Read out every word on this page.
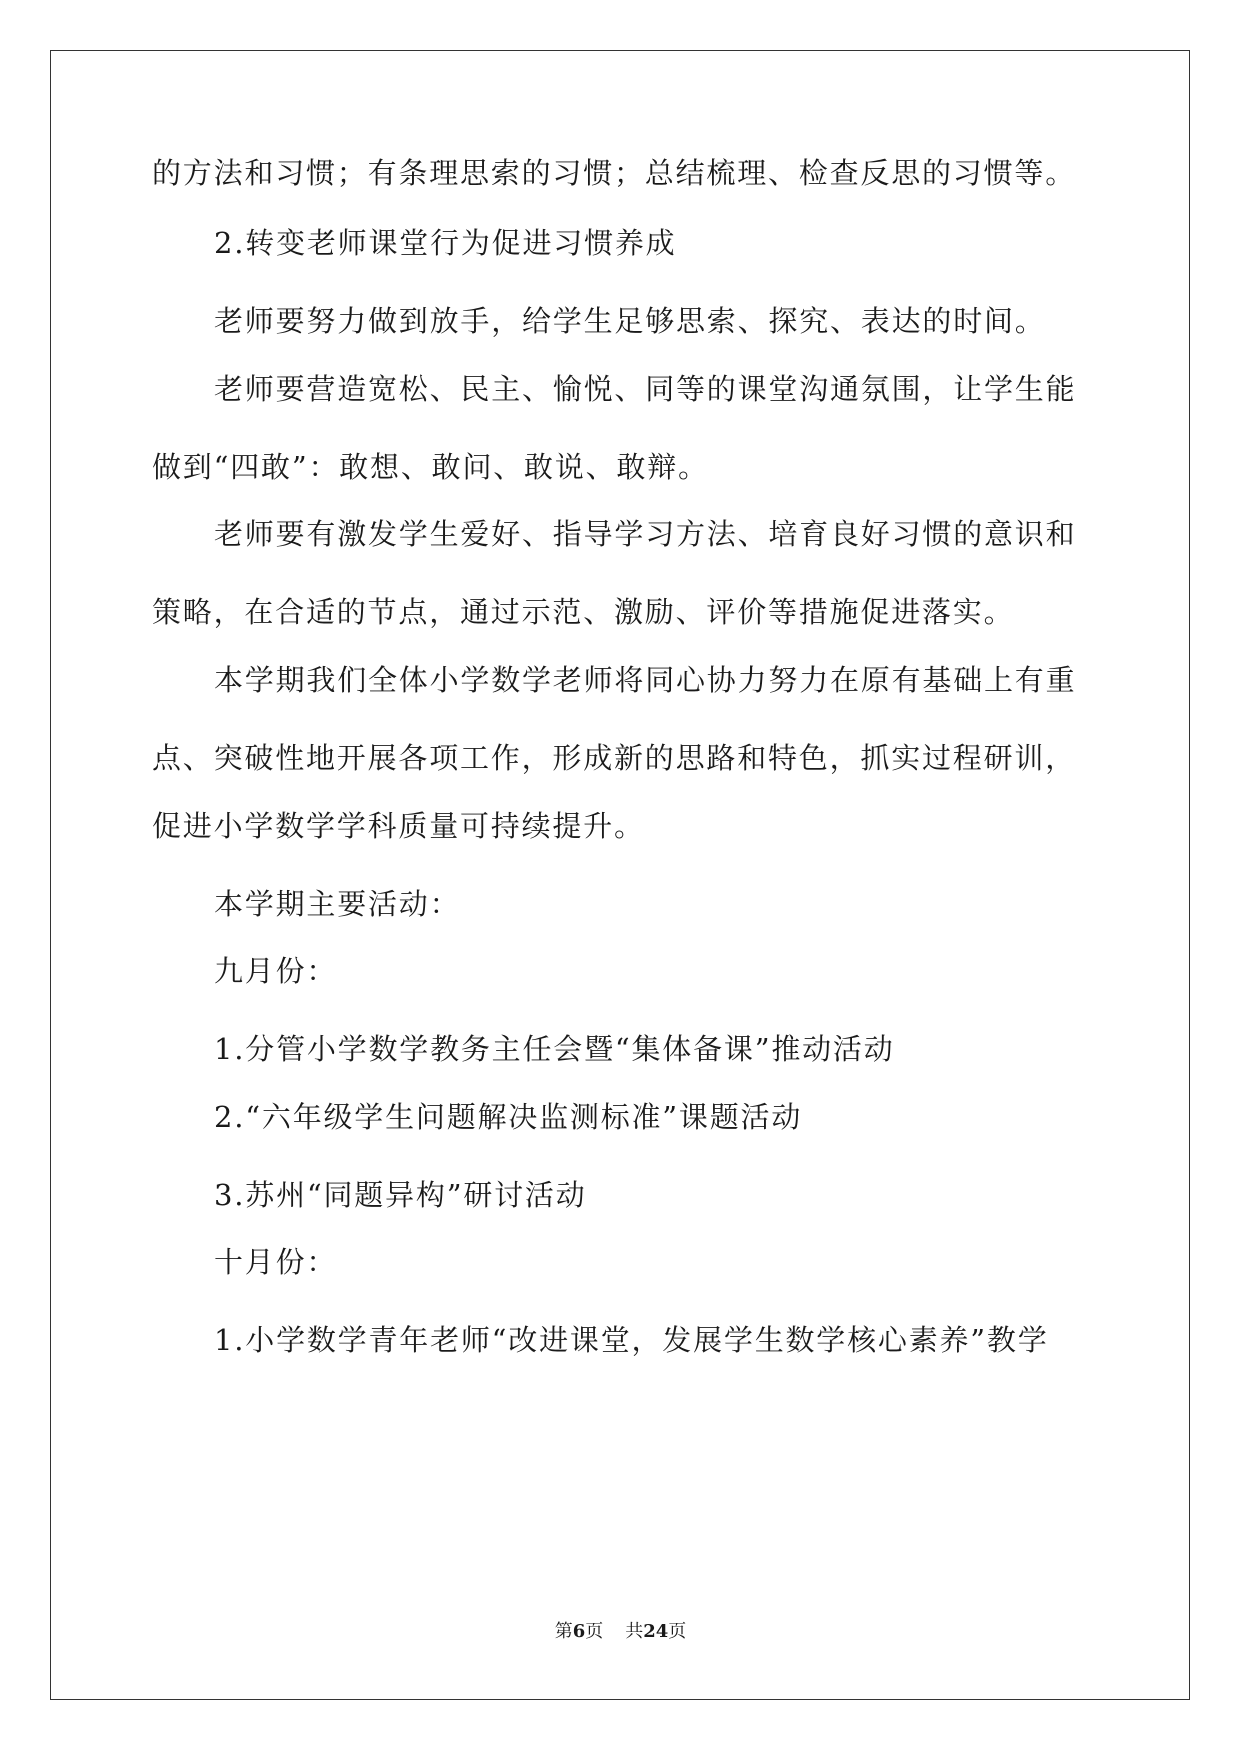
的方法和习惯；有条理思索的习惯；总结梳理、检查反思的习惯等。
2.转变老师课堂行为促进习惯养成
老师要努力做到放手，给学生足够思索、探究、表达的时间。
老师要营造宽松、民主、愉悦、同等的课堂沟通氛围，让学生能
做到“四敢”：敢想、敢问、敢说、敢辩。
老师要有激发学生爱好、指导学习方法、培育良好习惯的意识和
策略，在合适的节点，通过示范、激励、评价等措施促进落实。
本学期我们全体小学数学老师将同心协力努力在原有基础上有重
点、突破性地开展各项工作，形成新的思路和特色，抓实过程研训，
促进小学数学学科质量可持续提升。
本学期主要活动：
九月份：
1.分管小学数学教务主任会暨“集体备课”推动活动
2.“六年级学生问题解决监测标准”课题活动
3.苏州“同题异构”研讨活动
十月份：
1.小学数学青年老师“改进课堂，发展学生数学核心素养”教学
第6页 共24页
